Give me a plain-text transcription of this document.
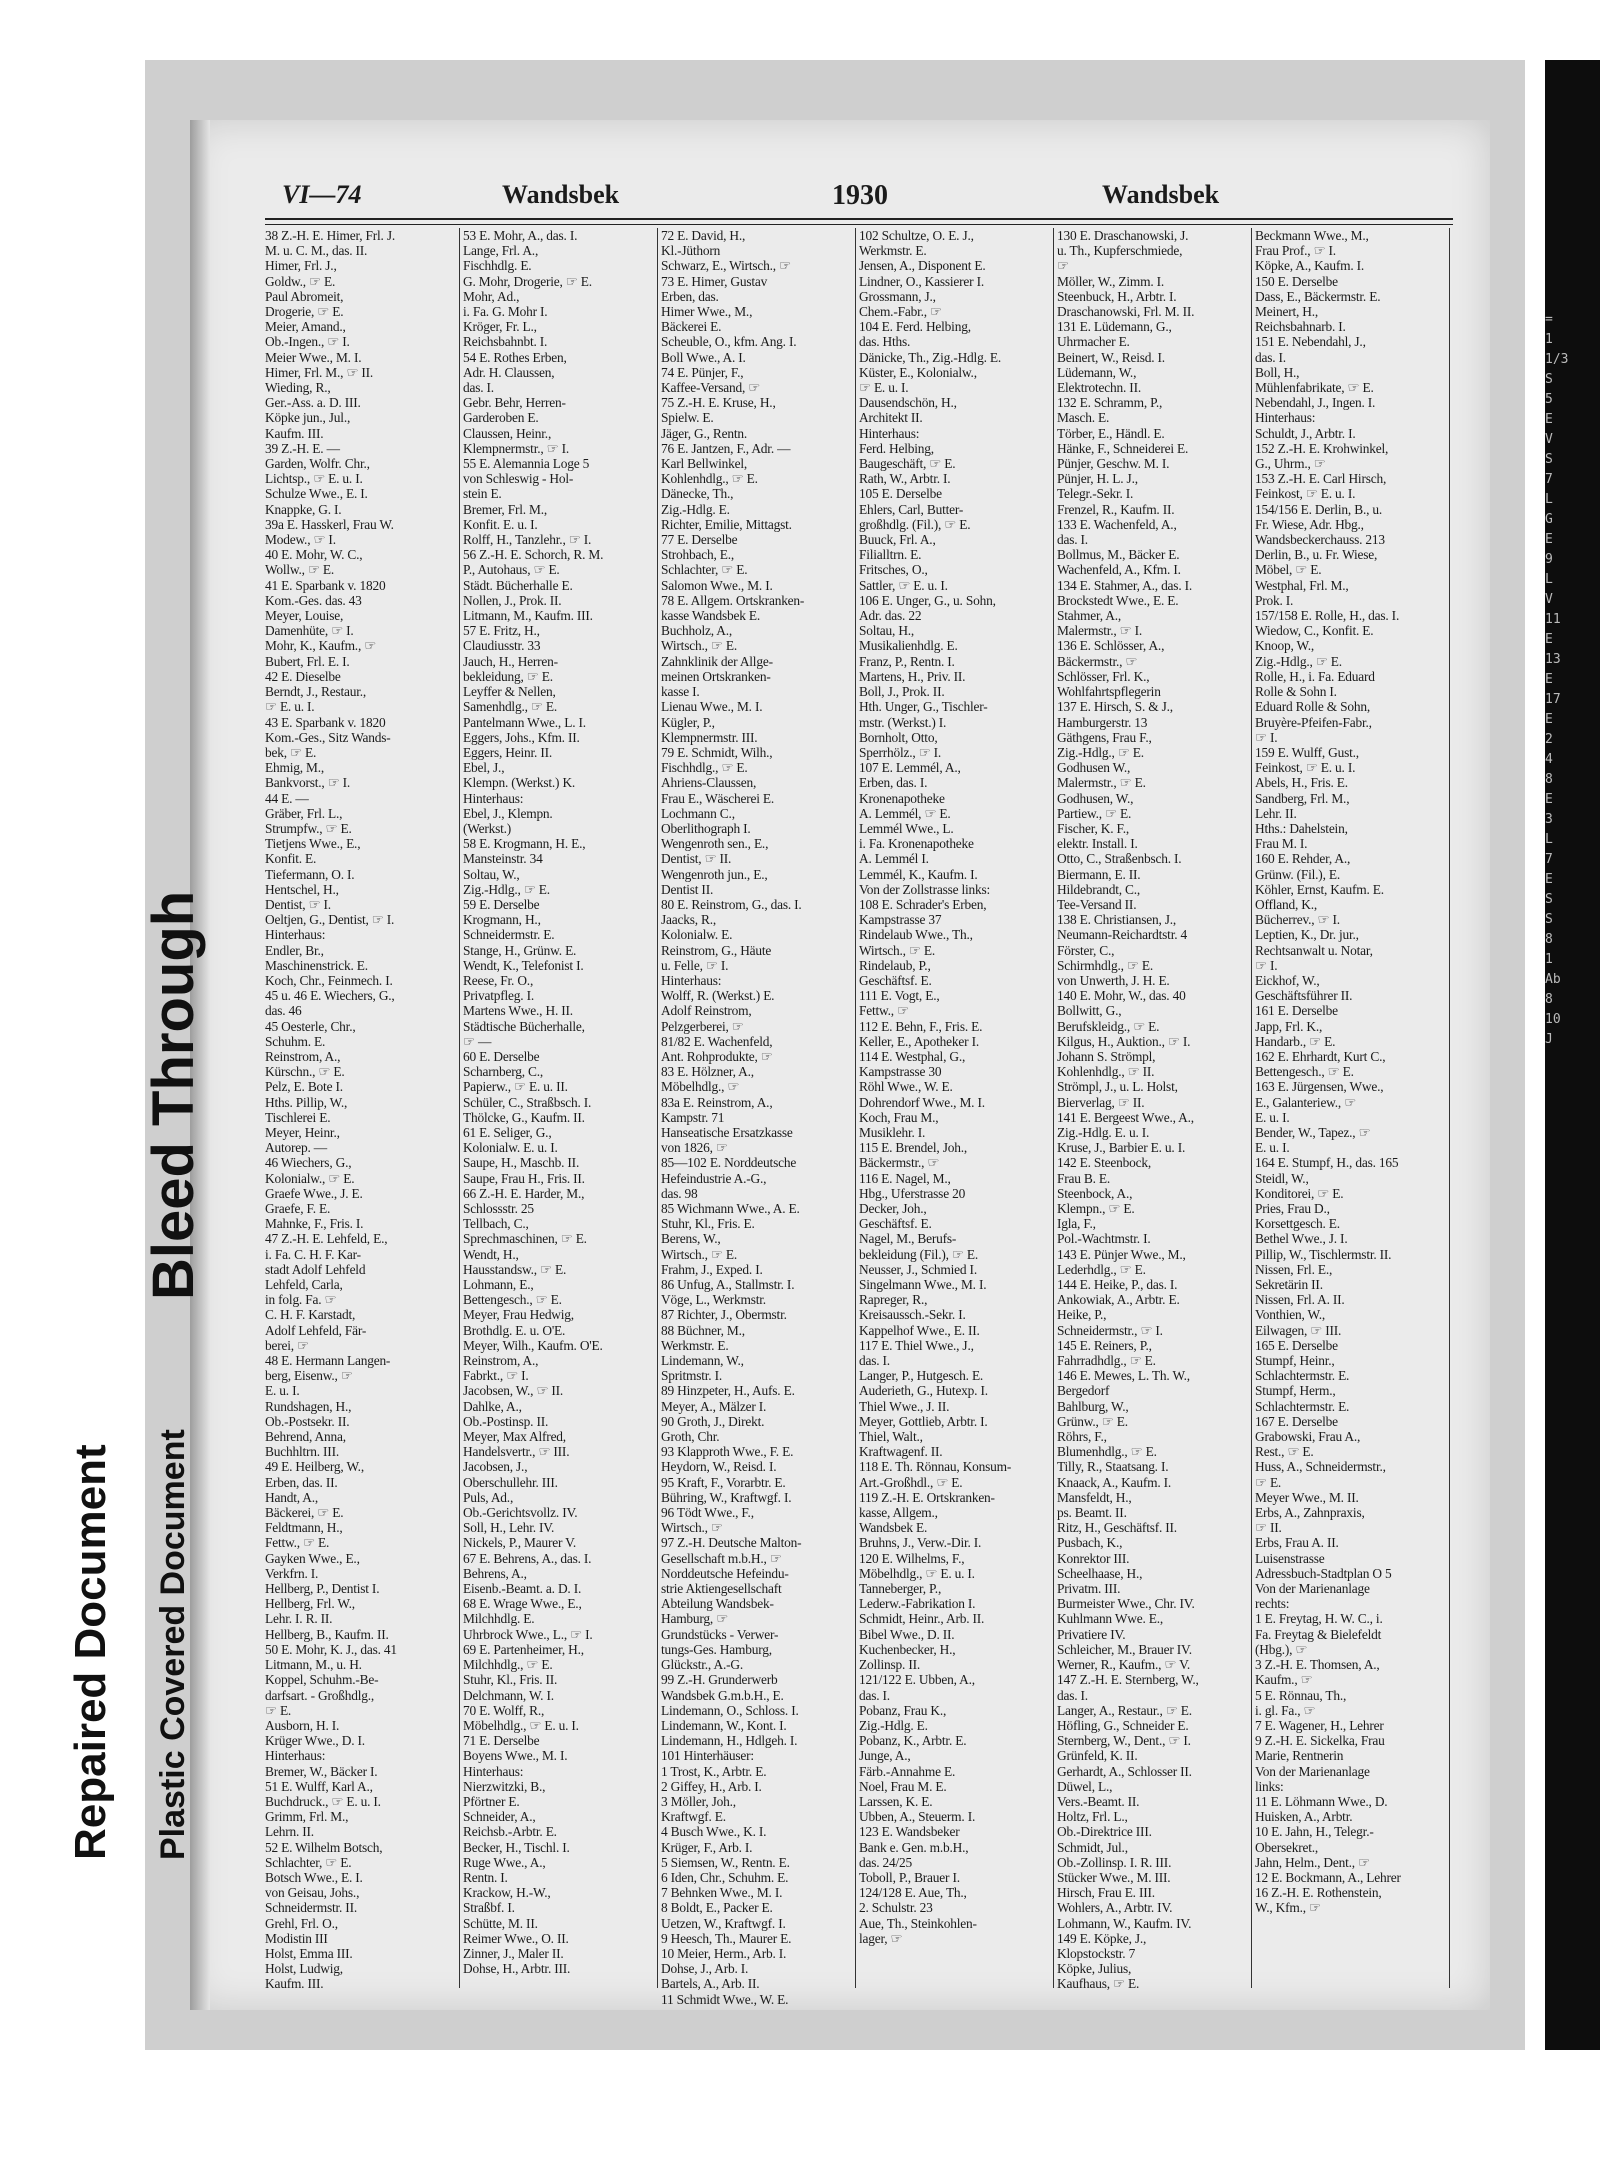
= 1 1/3 S 5 E V S 7 L G E 9 L V 11 E 13 E 17 E 2 4 8 E 3 L 7 E S S 8 1 Ab 8 10 J
VI—74	Wandsbek	1930	Wandsbek
38 Z.-H. E. Himer, Frl. J.
M. u. C. M., das. II.
Himer, Frl. J.,
Goldw., ☞ E.
Paul Abromeit,
Drogerie, ☞ E.
Meier, Amand.,
Ob.-Ingen., ☞ I.
Meier Wwe., M. I.
Himer, Frl. M., ☞ II.
Wieding, R.,
Ger.-Ass. a. D. III.
Köpke jun., Jul.,
Kaufm. III.
39 Z.-H. E. —
Garden, Wolfr. Chr.,
Lichtsp., ☞ E. u. I.
Schulze Wwe., E. I.
Knappke, G. I.
39a E. Hasskerl, Frau W.
Modew., ☞ I.
40 E. Mohr, W. C.,
Wollw., ☞ E.
41 E. Sparbank v. 1820
Kom.-Ges. das. 43
Meyer, Louise,
Damenhüte, ☞ I.
Mohr, K., Kaufm., ☞
Bubert, Frl. E. I.
42 E. Dieselbe
Berndt, J., Restaur.,
☞ E. u. I.
43 E. Sparbank v. 1820
Kom.-Ges., Sitz Wands-
bek, ☞ E.
Ehmig, M.,
Bankvorst., ☞ I.
44 E. —
Gräber, Frl. L.,
Strumpfw., ☞ E.
Tietjens Wwe., E.,
Konfit. E.
Tiefermann, O. I.
Hentschel, H.,
Dentist, ☞ I.
Oeltjen, G., Dentist, ☞ I.
Hinterhaus:
Endler, Br.,
Maschinenstrick. E.
Koch, Chr., Feinmech. I.
45 u. 46 E. Wiechers, G.,
das. 46
45 Oesterle, Chr.,
Schuhm. E.
Reinstrom, A.,
Kürschn., ☞ E.
Pelz, E. Bote I.
Hths. Pillip, W.,
Tischlerei E.
Meyer, Heinr.,
Autorep. —
46 Wiechers, G.,
Kolonialw., ☞ E.
Graefe Wwe., J. E.
Graefe, F. E.
Mahnke, F., Fris. I.
47 Z.-H. E. Lehfeld, E.,
i. Fa. C. H. F. Kar-
stadt Adolf Lehfeld
Lehfeld, Carla,
in folg. Fa. ☞
C. H. F. Karstadt,
Adolf Lehfeld, Fär-
berei, ☞
48 E. Hermann Langen-
berg, Eisenw., ☞
E. u. I.
Rundshagen, H.,
Ob.-Postsekr. II.
Behrend, Anna,
Buchhltrn. III.
49 E. Heilberg, W.,
Erben, das. II.
Handt, A.,
Bäckerei, ☞ E.
Feldtmann, H.,
Fettw., ☞ E.
Gayken Wwe., E.,
Verkfrn. I.
Hellberg, P., Dentist I.
Hellberg, Frl. W.,
Lehr. I. R. II.
Hellberg, B., Kaufm. II.
50 E. Mohr, K. J., das. 41
Litmann, M., u. H.
Koppel, Schuhm.-Be-
darfsart. - Großhdlg.,
☞ E.
Ausborn, H. I.
Krüger Wwe., D. I.
Hinterhaus:
Bremer, W., Bäcker I.
51 E. Wulff, Karl A.,
Buchdruck., ☞ E. u. I.
Grimm, Frl. M.,
Lehrn. II.
52 E. Wilhelm Botsch,
Schlachter, ☞ E.
Botsch Wwe., E. I.
von Geisau, Johs.,
Schneidermstr. II.
Grehl, Frl. O.,
Modistin III
Holst, Emma III.
Holst, Ludwig,
Kaufm. III.
53 E. Mohr, A., das. I.
Lange, Frl. A.,
Fischhdlg. E.
G. Mohr, Drogerie, ☞ E.
Mohr, Ad.,
i. Fa. G. Mohr I.
Kröger, Fr. L.,
Reichsbahnbt. I.
54 E. Rothes Erben,
Adr. H. Claussen,
das. I.
Gebr. Behr, Herren-
Garderoben E.
Claussen, Heinr.,
Klempnermstr., ☞ I.
55 E. Alemannia Loge 5
von Schleswig - Hol-
stein E.
Bremer, Frl. M.,
Konfit. E. u. I.
Rolff, H., Tanzlehr., ☞ I.
56 Z.-H. E. Schorch, R. M.
P., Autohaus, ☞ E.
Städt. Bücherhalle E.
Nollen, J., Prok. II.
Litmann, M., Kaufm. III.
57 E. Fritz, H.,
Claudiusstr. 33
Jauch, H., Herren-
bekleidung, ☞ E.
Leyffer & Nellen,
Samenhdlg., ☞ E.
Pantelmann Wwe., L. I.
Eggers, Johs., Kfm. II.
Eggers, Heinr. II.
Ebel, J.,
Klempn. (Werkst.) K.
Hinterhaus:
Ebel, J., Klempn.
(Werkst.)
58 E. Krogmann, H. E.,
Mansteinstr. 34
Soltau, W.,
Zig.-Hdlg., ☞ E.
59 E. Derselbe
Krogmann, H.,
Schneidermstr. E.
Stange, H., Grünw. E.
Wendt, K., Telefonist I.
Reese, Fr. O.,
Privatpfleg. I.
Martens Wwe., H. II.
Städtische Bücherhalle,
☞ —
60 E. Derselbe
Scharnberg, C.,
Papierw., ☞ E. u. II.
Schüler, C., Straßbsch. I.
Thölcke, G., Kaufm. II.
61 E. Seliger, G.,
Kolonialw. E. u. I.
Saupe, H., Maschb. II.
Saupe, Frau H., Fris. II.
66 Z.-H. E. Harder, M.,
Schlossstr. 25
Tellbach, C.,
Sprechmaschinen, ☞ E.
Wendt, H.,
Hausstandsw., ☞ E.
Lohmann, E.,
Bettengesch., ☞ E.
Meyer, Frau Hedwig,
Brothdlg. E. u. O'E.
Meyer, Wilh., Kaufm. O'E.
Reinstrom, A.,
Fabrkt., ☞ I.
Jacobsen, W., ☞ II.
Dahlke, A.,
Ob.-Postinsp. II.
Meyer, Max Alfred,
Handelsvertr., ☞ III.
Jacobsen, J.,
Oberschullehr. III.
Puls, Ad.,
Ob.-Gerichtsvollz. IV.
Soll, H., Lehr. IV.
Nickels, P., Maurer V.
67 E. Behrens, A., das. I.
Behrens, A.,
Eisenb.-Beamt. a. D. I.
68 E. Wrage Wwe., E.,
Milchhdlg. E.
Uhrbrock Wwe., L., ☞ I.
69 E. Partenheimer, H.,
Milchhdlg., ☞ E.
Stuhr, Kl., Fris. II.
Delchmann, W. I.
70 E. Wolff, R.,
Möbelhdlg., ☞ E. u. I.
71 E. Derselbe
Boyens Wwe., M. I.
Hinterhaus:
Nierzwitzki, B.,
Pförtner E.
Schneider, A.,
Reichsb.-Arbtr. E.
Becker, H., Tischl. I.
Ruge Wwe., A.,
Rentn. I.
Krackow, H.-W.,
Straßbf. I.
Schütte, M. II.
Reimer Wwe., O. II.
Zinner, J., Maler II.
Dohse, H., Arbtr. III.
72 E. David, H.,
Kl.-Jüthorn
Schwarz, E., Wirtsch., ☞
73 E. Himer, Gustav
Erben, das.
Himer Wwe., M.,
Bäckerei E.
Scheuble, O., kfm. Ang. I.
Boll Wwe., A. I.
74 E. Pünjer, F.,
Kaffee-Versand, ☞
75 Z.-H. E. Kruse, H.,
Spielw. E.
Jäger, G., Rentn.
76 E. Jantzen, F., Adr. —
Karl Bellwinkel,
Kohlenhdlg., ☞ E.
Dänecke, Th.,
Zig.-Hdlg. E.
Richter, Emilie, Mittagst.
77 E. Derselbe
Strohbach, E.,
Schlachter, ☞ E.
Salomon Wwe., M. I.
78 E. Allgem. Ortskranken-
kasse Wandsbek E.
Buchholz, A.,
Wirtsch., ☞ E.
Zahnklinik der Allge-
meinen Ortskranken-
kasse I.
Lienau Wwe., M. I.
Kügler, P.,
Klempnermstr. III.
79 E. Schmidt, Wilh.,
Fischhdlg., ☞ E.
Ahriens-Claussen,
Frau E., Wäscherei E.
Lochmann C.,
Oberlithograph I.
Wengenroth sen., E.,
Dentist, ☞ II.
Wengenroth jun., E.,
Dentist II.
80 E. Reinstrom, G., das. I.
Jaacks, R.,
Kolonialw. E.
Reinstrom, G., Häute
u. Felle, ☞ I.
Hinterhaus:
Wolff, R. (Werkst.) E.
Adolf Reinstrom,
Pelzgerberei, ☞
81/82 E. Wachenfeld,
Ant. Rohprodukte, ☞
83 E. Hölzner, A.,
Möbelhdlg., ☞
83a E. Reinstrom, A.,
Kampstr. 71
Hanseatische Ersatzkasse
von 1826, ☞
85—102 E. Norddeutsche
Hefeindustrie A.-G.,
das. 98
85 Wichmann Wwe., A. E.
Stuhr, Kl., Fris. E.
Berens, W.,
Wirtsch., ☞ E.
Frahm, J., Exped. I.
86 Unfug, A., Stallmstr. I.
Vöge, L., Werkmstr.
87 Richter, J., Obermstr.
88 Büchner, M.,
Werkmstr. E.
Lindemann, W.,
Spritmstr. I.
89 Hinzpeter, H., Aufs. E.
Meyer, A., Mälzer I.
90 Groth, J., Direkt.
Groth, Chr.
93 Klapproth Wwe., F. E.
Heydorn, W., Reisd. I.
95 Kraft, F., Vorarbtr. E.
Bühring, W., Kraftwgf. I.
96 Tödt Wwe., F.,
Wirtsch., ☞
97 Z.-H. Deutsche Malton-
Gesellschaft m.b.H., ☞
Norddeutsche Hefeindu-
strie Aktiengesellschaft
Abteilung Wandsbek-
Hamburg, ☞
Grundstücks - Verwer-
tungs-Ges. Hamburg,
Glückstr., A.-G.
99 Z.-H. Grunderwerb
Wandsbek G.m.b.H., E.
Lindemann, O., Schloss. I.
Lindemann, W., Kont. I.
Lindemann, H., Hdlgeh. I.
101 Hinterhäuser:
1 Trost, K., Arbtr. E.
2 Giffey, H., Arb. I.
3 Möller, Joh.,
Kraftwgf. E.
4 Busch Wwe., K. I.
Krüger, F., Arb. I.
5 Siemsen, W., Rentn. E.
6 Iden, Chr., Schuhm. E.
7 Behnken Wwe., M. I.
8 Boldt, E., Packer E.
Uetzen, W., Kraftwgf. I.
9 Heesch, Th., Maurer E.
10 Meier, Herm., Arb. I.
Dohse, J., Arb. I.
Bartels, A., Arb. II.
11 Schmidt Wwe., W. E.
102 Schultze, O. E. J.,
Werkmstr. E.
Jensen, A., Disponent E.
Lindner, O., Kassierer I.
Grossmann, J.,
Chem.-Fabr., ☞
104 E. Ferd. Helbing,
das. Hths.
Dänicke, Th., Zig.-Hdlg. E.
Küster, E., Kolonialw.,
☞ E. u. I.
Dausendschön, H.,
Architekt II.
Hinterhaus:
Ferd. Helbing,
Baugeschäft, ☞ E.
Rath, W., Arbtr. I.
105 E. Derselbe
Ehlers, Carl, Butter-
großhdlg. (Fil.), ☞ E.
Buuck, Frl. A.,
Filialltrn. E.
Fritsches, O.,
Sattler, ☞ E. u. I.
106 E. Unger, G., u. Sohn,
Adr. das. 22
Soltau, H.,
Musikalienhdlg. E.
Franz, P., Rentn. I.
Martens, H., Priv. II.
Boll, J., Prok. II.
Hth. Unger, G., Tischler-
mstr. (Werkst.) I.
Bornholt, Otto,
Sperrhölz., ☞ I.
107 E. Lemmél, A.,
Erben, das. I.
Kronenapotheke
A. Lemmél, ☞ E.
Lemmél Wwe., L.
i. Fa. Kronenapotheke
A. Lemmél I.
Lemmél, K., Kaufm. I.
Von der Zollstrasse links:
108 E. Schrader's Erben,
Kampstrasse 37
Rindelaub Wwe., Th.,
Wirtsch., ☞ E.
Rindelaub, P.,
Geschäftsf. E.
111 E. Vogt, E.,
Fettw., ☞
112 E. Behn, F., Fris. E.
Keller, E., Apotheker I.
114 E. Westphal, G.,
Kampstrasse 30
Röhl Wwe., W. E.
Dohrendorf Wwe., M. I.
Koch, Frau M.,
Musiklehr. I.
115 E. Brendel, Joh.,
Bäckermstr., ☞
116 E. Nagel, M.,
Hbg., Uferstrasse 20
Decker, Joh.,
Geschäftsf. E.
Nagel, M., Berufs-
bekleidung (Fil.), ☞ E.
Neusser, J., Schmied I.
Singelmann Wwe., M. I.
Rapreger, R.,
Kreisaussch.-Sekr. I.
Kappelhof Wwe., E. II.
117 E. Thiel Wwe., J.,
das. I.
Langer, P., Hutgesch. E.
Auderieth, G., Hutexp. I.
Thiel Wwe., J. II.
Meyer, Gottlieb, Arbtr. I.
Thiel, Walt.,
Kraftwagenf. II.
118 E. Th. Rönnau, Konsum-
Art.-Großhdl., ☞ E.
119 Z.-H. E. Ortskranken-
kasse, Allgem.,
Wandsbek E.
Bruhns, J., Verw.-Dir. I.
120 E. Wilhelms, F.,
Möbelhdlg., ☞ E. u. I.
Tanneberger, P.,
Lederw.-Fabrikation I.
Schmidt, Heinr., Arb. II.
Bibel Wwe., D. II.
Kuchenbecker, H.,
Zollinsp. II.
121/122 E. Ubben, A.,
das. I.
Pobanz, Frau K.,
Zig.-Hdlg. E.
Pobanz, K., Arbtr. E.
Junge, A.,
Färb.-Annahme E.
Noel, Frau M. E.
Larssen, K. E.
Ubben, A., Steuerm. I.
123 E. Wandsbeker
Bank e. Gen. m.b.H.,
das. 24/25
Toboll, P., Brauer I.
124/128 E. Aue, Th.,
2. Schulstr. 23
Aue, Th., Steinkohlen-
lager, ☞
130 E. Draschanowski, J.
u. Th., Kupferschmiede,
☞
Möller, W., Zimm. I.
Steenbuck, H., Arbtr. I.
Draschanowski, Frl. M. II.
131 E. Lüdemann, G.,
Uhrmacher E.
Beinert, W., Reisd. I.
Lüdemann, W.,
Elektrotechn. II.
132 E. Schramm, P.,
Masch. E.
Törber, E., Händl. E.
Hänke, F., Schneiderei E.
Pünjer, Geschw. M. I.
Pünjer, H. L. J.,
Telegr.-Sekr. I.
Frenzel, R., Kaufm. II.
133 E. Wachenfeld, A.,
das. I.
Bollmus, M., Bäcker E.
Wachenfeld, A., Kfm. I.
134 E. Stahmer, A., das. I.
Brockstedt Wwe., E. E.
Stahmer, A.,
Malermstr., ☞ I.
136 E. Schlösser, A.,
Bäckermstr., ☞
Schlösser, Frl. K.,
Wohlfahrtspflegerin
137 E. Hirsch, S. & J.,
Hamburgerstr. 13
Gäthgens, Frau F.,
Zig.-Hdlg., ☞ E.
Godhusen W.,
Malermstr., ☞ E.
Godhusen, W.,
Partiew., ☞ E.
Fischer, K. F.,
elektr. Install. I.
Otto, C., Straßenbsch. I.
Biermann, E. II.
Hildebrandt, C.,
Tee-Versand II.
138 E. Christiansen, J.,
Neumann-Reichardtstr. 4
Förster, C.,
Schirmhdlg., ☞ E.
von Unwerth, J. H. E.
140 E. Mohr, W., das. 40
Bollwitt, G.,
Berufskleidg., ☞ E.
Kilgus, H., Auktion., ☞ I.
Johann S. Strömpl,
Kohlenhdlg., ☞ II.
Strömpl, J., u. L. Holst,
Bierverlag, ☞ II.
141 E. Bergeest Wwe., A.,
Zig.-Hdlg. E. u. I.
Kruse, J., Barbier E. u. I.
142 E. Steenbock,
Frau B. E.
Steenbock, A.,
Klempn., ☞ E.
Igla, F.,
Pol.-Wachtmstr. I.
143 E. Pünjer Wwe., M.,
Lederhdlg., ☞ E.
144 E. Heike, P., das. I.
Ankowiak, A., Arbtr. E.
Heike, P.,
Schneidermstr., ☞ I.
145 E. Reiners, P.,
Fahrradhdlg., ☞ E.
146 E. Mewes, L. Th. W.,
Bergedorf
Bahlburg, W.,
Grünw., ☞ E.
Röhrs, F.,
Blumenhdlg., ☞ E.
Tilly, R., Staatsang. I.
Knaack, A., Kaufm. I.
Mansfeldt, H.,
ps. Beamt. II.
Ritz, H., Geschäftsf. II.
Pusbach, K.,
Konrektor III.
Scheelhaase, H.,
Privatm. III.
Burmeister Wwe., Chr. IV.
Kuhlmann Wwe. E.,
Privatiere IV.
Schleicher, M., Brauer IV.
Werner, R., Kaufm., ☞ V.
147 Z.-H. E. Sternberg, W.,
das. I.
Langer, A., Restaur., ☞ E.
Höfling, G., Schneider E.
Sternberg, W., Dent., ☞ I.
Grünfeld, K. II.
Gerhardt, A., Schlosser II.
Düwel, L.,
Vers.-Beamt. II.
Holtz, Frl. L.,
Ob.-Direktrice III.
Schmidt, Jul.,
Ob.-Zollinsp. I. R. III.
Stücker Wwe., M. III.
Hirsch, Frau E. III.
Wohlers, A., Arbtr. IV.
Lohmann, W., Kaufm. IV.
149 E. Köpke, J.,
Klopstockstr. 7
Köpke, Julius,
Kaufhaus, ☞ E.
Beckmann Wwe., M.,
Frau Prof., ☞ I.
Köpke, A., Kaufm. I.
150 E. Derselbe
Dass, E., Bäckermstr. E.
Meinert, H.,
Reichsbahnarb. I.
151 E. Nebendahl, J.,
das. I.
Boll, H.,
Mühlenfabrikate, ☞ E.
Nebendahl, J., Ingen. I.
Hinterhaus:
Schuldt, J., Arbtr. I.
152 Z.-H. E. Krohwinkel,
G., Uhrm., ☞
153 Z.-H. E. Carl Hirsch,
Feinkost, ☞ E. u. I.
154/156 E. Derlin, B., u.
Fr. Wiese, Adr. Hbg.,
Wandsbeckerchauss. 213
Derlin, B., u. Fr. Wiese,
Möbel, ☞ E.
Westphal, Frl. M.,
Prok. I.
157/158 E. Rolle, H., das. I.
Wiedow, C., Konfit. E.
Knoop, W.,
Zig.-Hdlg., ☞ E.
Rolle, H., i. Fa. Eduard
Rolle & Sohn I.
Eduard Rolle & Sohn,
Bruyère-Pfeifen-Fabr.,
☞ I.
159 E. Wulff, Gust.,
Feinkost, ☞ E. u. I.
Abels, H., Fris. E.
Sandberg, Frl. M.,
Lehr. II.
Hths.: Dahelstein,
Frau M. I.
160 E. Rehder, A.,
Grünw. (Fil.), E.
Köhler, Ernst, Kaufm. E.
Offland, K.,
Bücherrev., ☞ I.
Leptien, K., Dr. jur.,
Rechtsanwalt u. Notar,
☞ I.
Eickhof, W.,
Geschäftsführer II.
161 E. Derselbe
Japp, Frl. K.,
Handarb., ☞ E.
162 E. Ehrhardt, Kurt C.,
Bettengesch., ☞ E.
163 E. Jürgensen, Wwe.,
E., Galanteriew., ☞
E. u. I.
Bender, W., Tapez., ☞
E. u. I.
164 E. Stumpf, H., das. 165
Steidl, W.,
Konditorei, ☞ E.
Pries, Frau D.,
Korsettgesch. E.
Bethel Wwe., J. I.
Pillip, W., Tischlermstr. II.
Nissen, Frl. E.,
Sekretärin II.
Nissen, Frl. A. II.
Vonthien, W.,
Eilwagen, ☞ III.
165 E. Derselbe
Stumpf, Heinr.,
Schlachtermstr. E.
Stumpf, Herm.,
Schlachtermstr. E.
167 E. Derselbe
Grabowski, Frau A.,
Rest., ☞ E.
Huss, A., Schneidermstr.,
☞ E.
Meyer Wwe., M. II.
Erbs, A., Zahnpraxis,
☞ II.
Erbs, Frau A. II.
Luisenstrasse
Adressbuch-Stadtplan O 5
Von der Marienanlage
rechts:
1 E. Freytag, H. W. C., i.
Fa. Freytag & Bielefeldt
(Hbg.), ☞
3 Z.-H. E. Thomsen, A.,
Kaufm., ☞
5 E. Rönnau, Th.,
i. gl. Fa., ☞
7 E. Wagener, H., Lehrer
9 Z.-H. E. Sickelka, Frau
Marie, Rentnerin
Von der Marienanlage
links:
11 E. Löhmann Wwe., D.
Huisken, A., Arbtr.
10 E. Jahn, H., Telegr.-
Obersekret.,
Jahn, Helm., Dent., ☞
12 E. Bockmann, A., Lehrer
16 Z.-H. E. Rothenstein,
W., Kfm., ☞
Repaired Document Plastic Covered Document
Bleed Through
